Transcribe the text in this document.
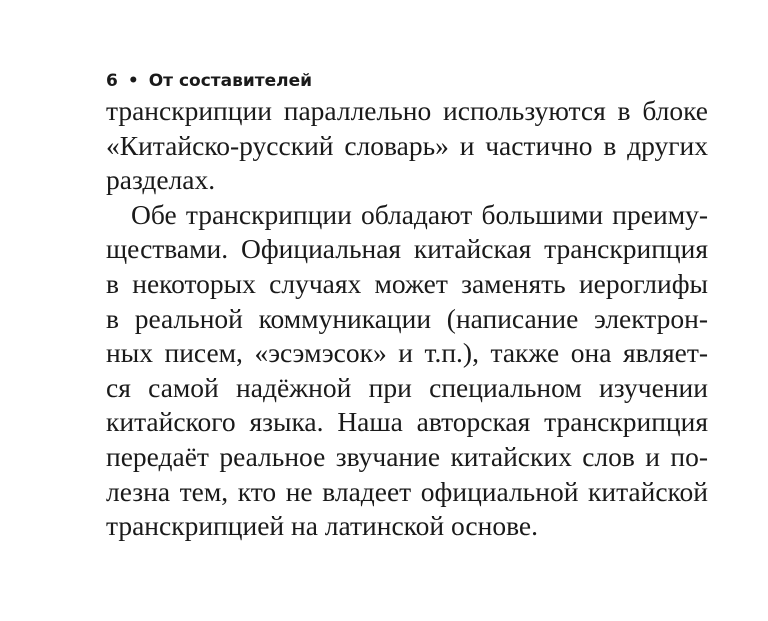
6 • От составителей
транскрипции параллельно используются в блоке
«Китайско-русский словарь» и частично в других
разделах.
Обе транскрипции обладают большими преиму-
ществами. Официальная китайская транскрипция
в некоторых случаях может заменять иероглифы
в реальной коммуникации (написание электрон-
ных писем, «эсэмэсок» и т.п.), также она являет-
ся самой надёжной при специальном изучении
китайского языка. Наша авторская транскрипция
передаёт реальное звучание китайских слов и по-
лезна тем, кто не владеет официальной китайской
транскрипцией на латинской основе.
